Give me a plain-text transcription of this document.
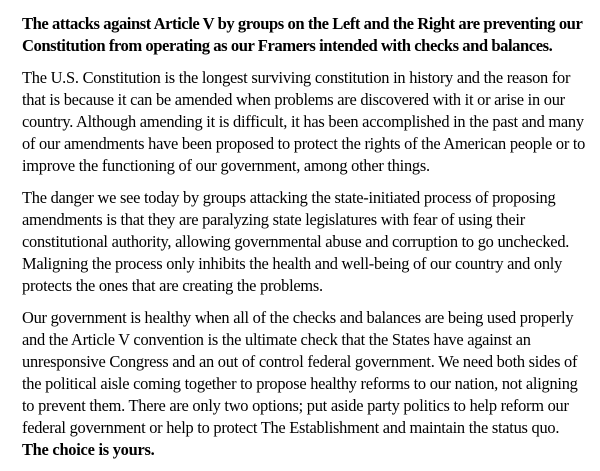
The attacks against Article V by groups on the Left and the Right are preventing our Constitution from operating as our Framers intended with checks and balances.

The U.S. Constitution is the longest surviving constitution in history and the reason for that is because it can be amended when problems are discovered with it or arise in our country. Although amending it is difficult, it has been accomplished in the past and many of our amendments have been proposed to protect the rights of the American people or to improve the functioning of our government, among other things.

The danger we see today by groups attacking the state-initiated process of proposing amendments is that they are paralyzing state legislatures with fear of using their constitutional authority, allowing governmental abuse and corruption to go unchecked. Maligning the process only inhibits the health and well-being of our country and only protects the ones that are creating the problems.

Our government is healthy when all of the checks and balances are being used properly and the Article V convention is the ultimate check that the States have against an unresponsive Congress and an out of control federal government. We need both sides of the political aisle coming together to propose healthy reforms to our nation, not aligning to prevent them. There are only two options; put aside party politics to help reform our federal government or help to protect The Establishment and maintain the status quo.
The choice is yours.
